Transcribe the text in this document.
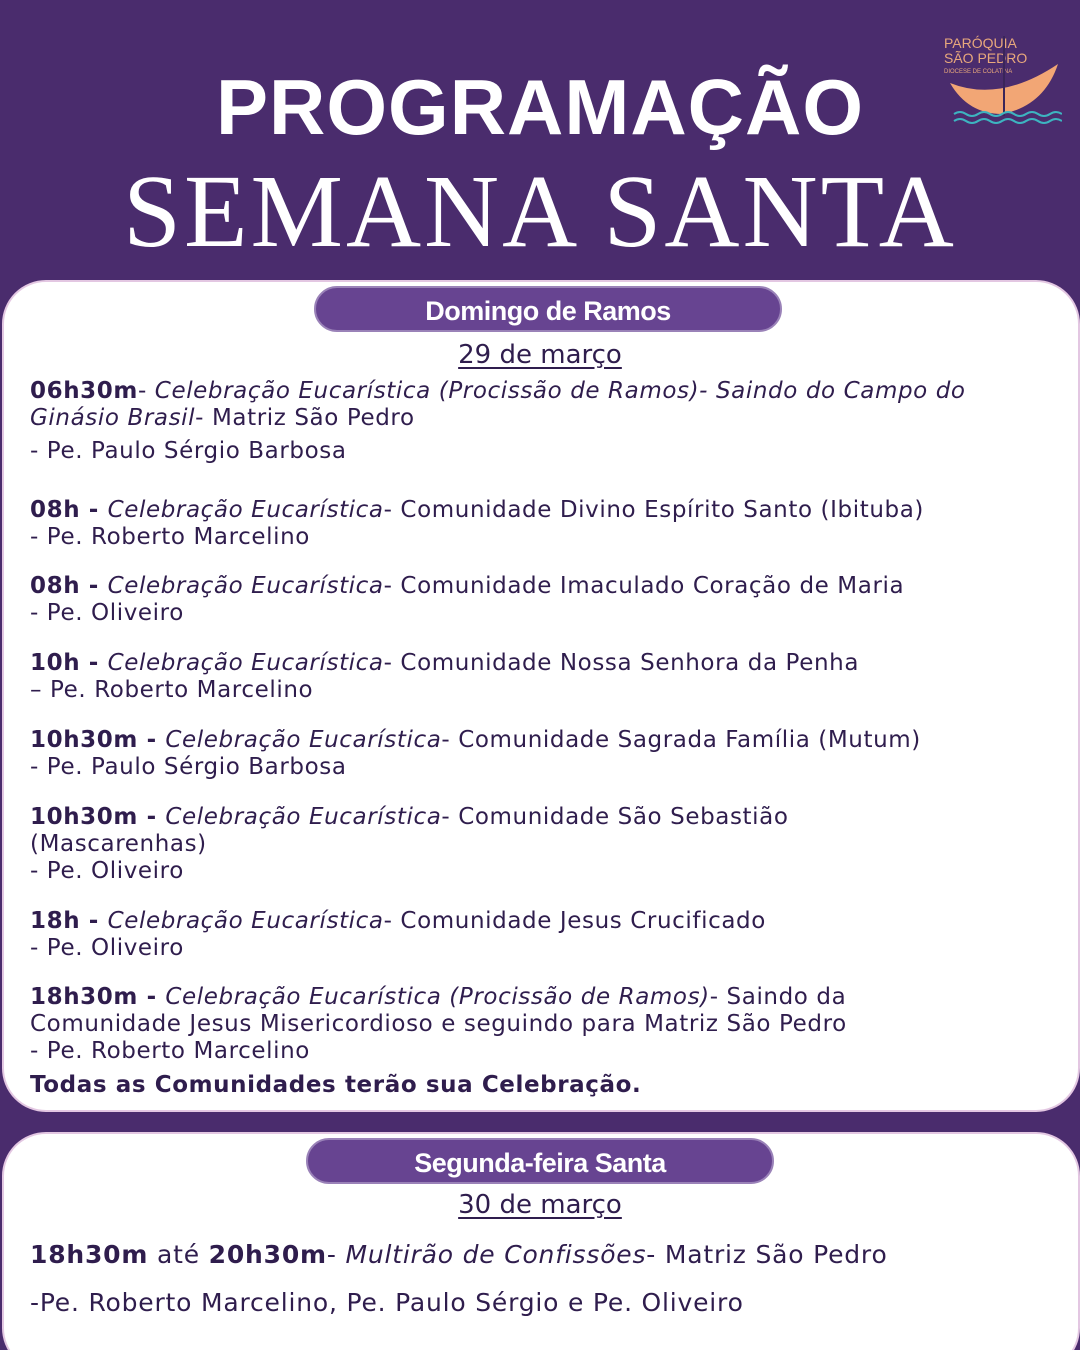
PROGRAMAÇÃO
SEMANA SANTA
PARÓQUIA
SÃO PEDRO
DIOCESE DE COLATINA
Domingo de Ramos
29 de março
06h30m- Celebração Eucarística (Procissão de Ramos)- Saindo do Campo do Ginásio Brasil- Matriz São Pedro
- Pe. Paulo Sérgio Barbosa
08h - Celebração Eucarística- Comunidade Divino Espírito Santo (Ibituba)
- Pe. Roberto Marcelino
08h - Celebração Eucarística- Comunidade Imaculado Coração de Maria
- Pe. Oliveiro
10h - Celebração Eucarística- Comunidade Nossa Senhora da Penha
– Pe. Roberto Marcelino
10h30m - Celebração Eucarística- Comunidade Sagrada Família (Mutum)
- Pe. Paulo Sérgio Barbosa
10h30m - Celebração Eucarística- Comunidade São Sebastião (Mascarenhas)
- Pe. Oliveiro
18h - Celebração Eucarística- Comunidade Jesus Crucificado
- Pe. Oliveiro
18h30m - Celebração Eucarística (Procissão de Ramos)- Saindo da Comunidade Jesus Misericordioso e seguindo para Matriz São Pedro
- Pe. Roberto Marcelino
Todas as Comunidades terão sua Celebração.
Segunda-feira Santa
30 de março
18h30m até 20h30m- Multirão de Confissões- Matriz São Pedro
-Pe. Roberto Marcelino, Pe. Paulo Sérgio e Pe. Oliveiro
